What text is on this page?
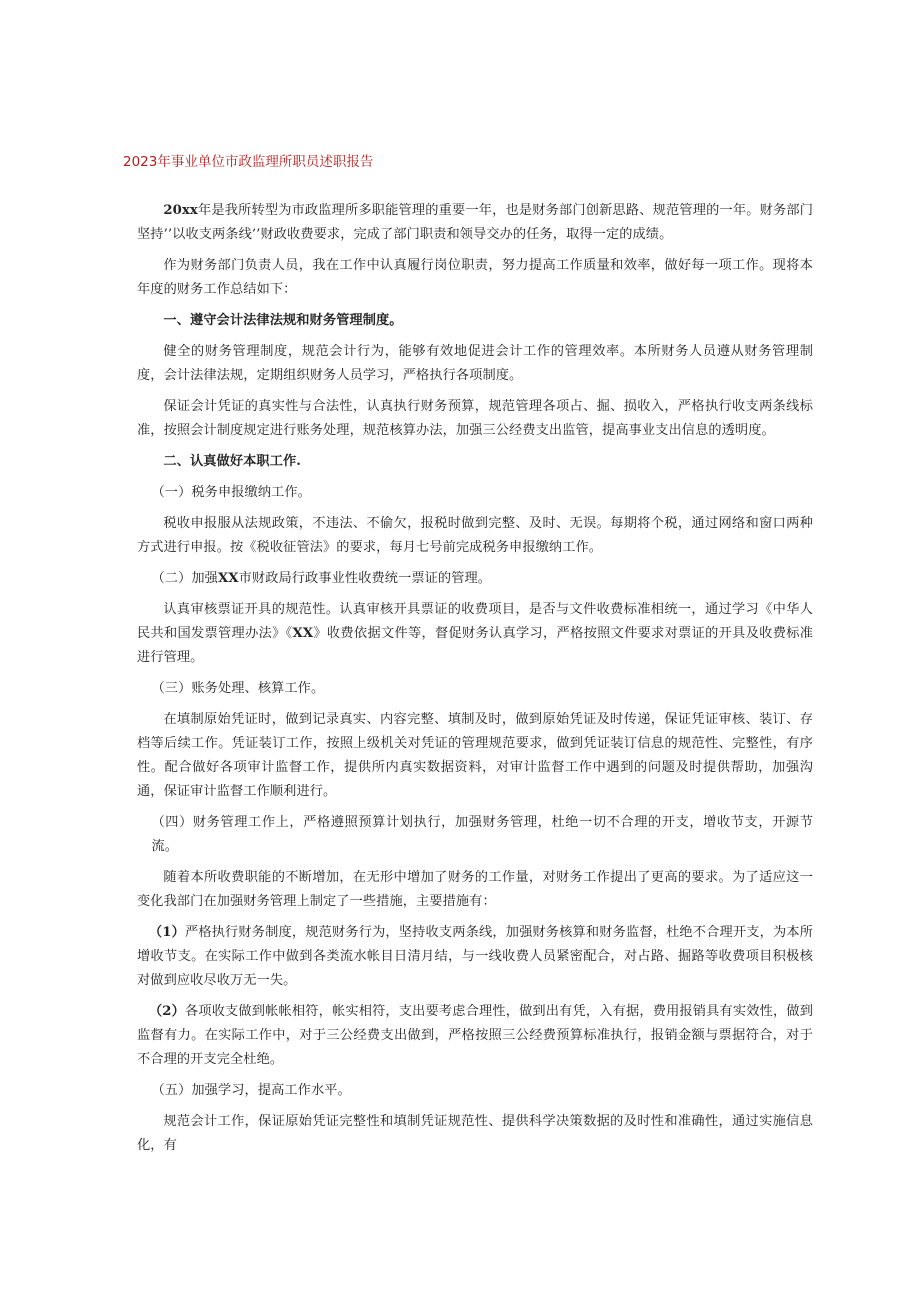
2023年事业单位市政监理所职员述职报告

20xx年是我所转型为市政监理所多职能管理的重要一年，也是财务部门创新思路、规范管理的一年。财务部门坚持’’以收支两条线’’财政收费要求，完成了部门职责和领导交办的任务，取得一定的成绩。

作为财务部门负责人员，我在工作中认真履行岗位职责，努力提高工作质量和效率，做好每一项工作。现将本年度的财务工作总结如下：

一、遵守会计法律法规和财务管理制度。

健全的财务管理制度，规范会计行为，能够有效地促进会计工作的管理效率。本所财务人员遵从财务管理制度，会计法律法规，定期组织财务人员学习，严格执行各项制度。

保证会计凭证的真实性与合法性，认真执行财务预算，规范管理各项占、掘、损收入，严格执行收支两条线标准，按照会计制度规定进行账务处理，规范核算办法，加强三公经费支出监管，提高事业支出信息的透明度。

二、认真做好本职工作.

（一）税务申报缴纳工作。

税收申报服从法规政策，不违法、不偷欠，报税时做到完整、及时、无误。每期将个税，通过网络和窗口两种方式进行申报。按《税收征管法》的要求，每月七号前完成税务申报缴纳工作。

（二）加强XX市财政局行政事业性收费统一票证的管理。

认真审核票证开具的规范性。认真审核开具票证的收费项目，是否与文件收费标准相统一，通过学习《中华人民共和国发票管理办法》《XX》收费依据文件等，督促财务认真学习，严格按照文件要求对票证的开具及收费标准进行管理。

（三）账务处理、核算工作。

在填制原始凭证时，做到记录真实、内容完整、填制及时，做到原始凭证及时传递，保证凭证审核、装订、存档等后续工作。凭证装订工作，按照上级机关对凭证的管理规范要求，做到凭证装订信息的规范性、完整性，有序性。配合做好各项审计监督工作，提供所内真实数据资料，对审计监督工作中遇到的问题及时提供帮助，加强沟通，保证审计监督工作顺利进行。

（四）财务管理工作上，严格遵照预算计划执行，加强财务管理，杜绝一切不合理的开支，增收节支，开源节流。

随着本所收费职能的不断增加，在无形中增加了财务的工作量，对财务工作提出了更高的要求。为了适应这一变化我部门在加强财务管理上制定了一些措施，主要措施有：

（1）严格执行财务制度，规范财务行为，坚持收支两条线，加强财务核算和财务监督，杜绝不合理开支，为本所增收节支。在实际工作中做到各类流水帐目日清月结，与一线收费人员紧密配合，对占路、掘路等收费项目积极核对做到应收尽收万无一失。

（2）各项收支做到帐帐相符，帐实相符，支出要考虑合理性，做到出有凭，入有据，费用报销具有实效性，做到监督有力。在实际工作中，对于三公经费支出做到，严格按照三公经费预算标准执行，报销金额与票据符合，对于不合理的开支完全杜绝。

（五）加强学习，提高工作水平。

规范会计工作，保证原始凭证完整性和填制凭证规范性、提供科学决策数据的及时性和准确性，通过实施信息化，有
